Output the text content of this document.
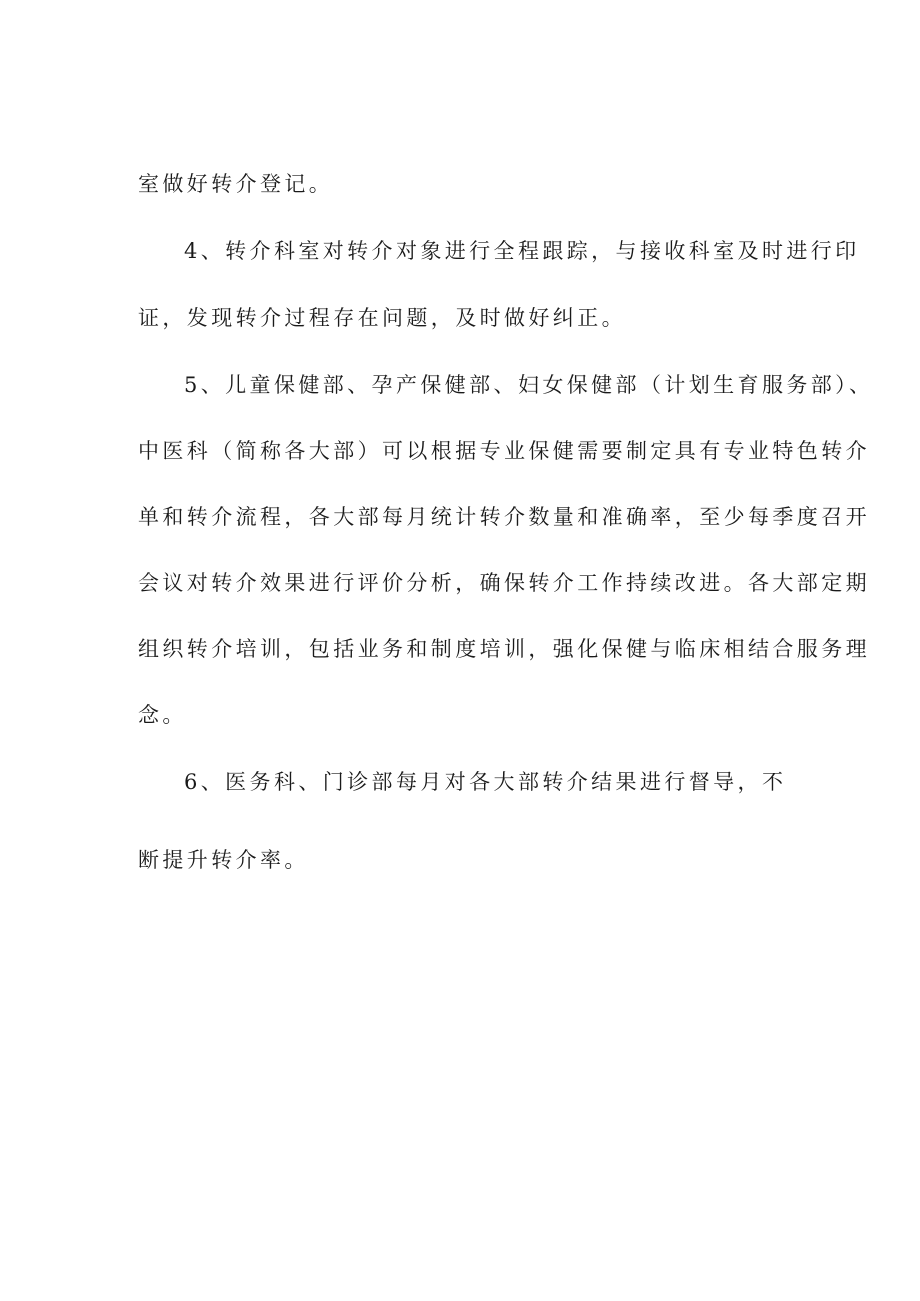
室做好转介登记。
4、转介科室对转介对象进行全程跟踪，与接收科室及时进行印
证，发现转介过程存在问题，及时做好纠正。
5、儿童保健部、孕产保健部、妇女保健部（计划生育服务部）、
中医科（简称各大部）可以根据专业保健需要制定具有专业特色转介
单和转介流程，各大部每月统计转介数量和准确率，至少每季度召开
会议对转介效果进行评价分析，确保转介工作持续改进。各大部定期
组织转介培训，包括业务和制度培训，强化保健与临床相结合服务理
念。
6、医务科、门诊部每月对各大部转介结果进行督导，不
断提升转介率。
